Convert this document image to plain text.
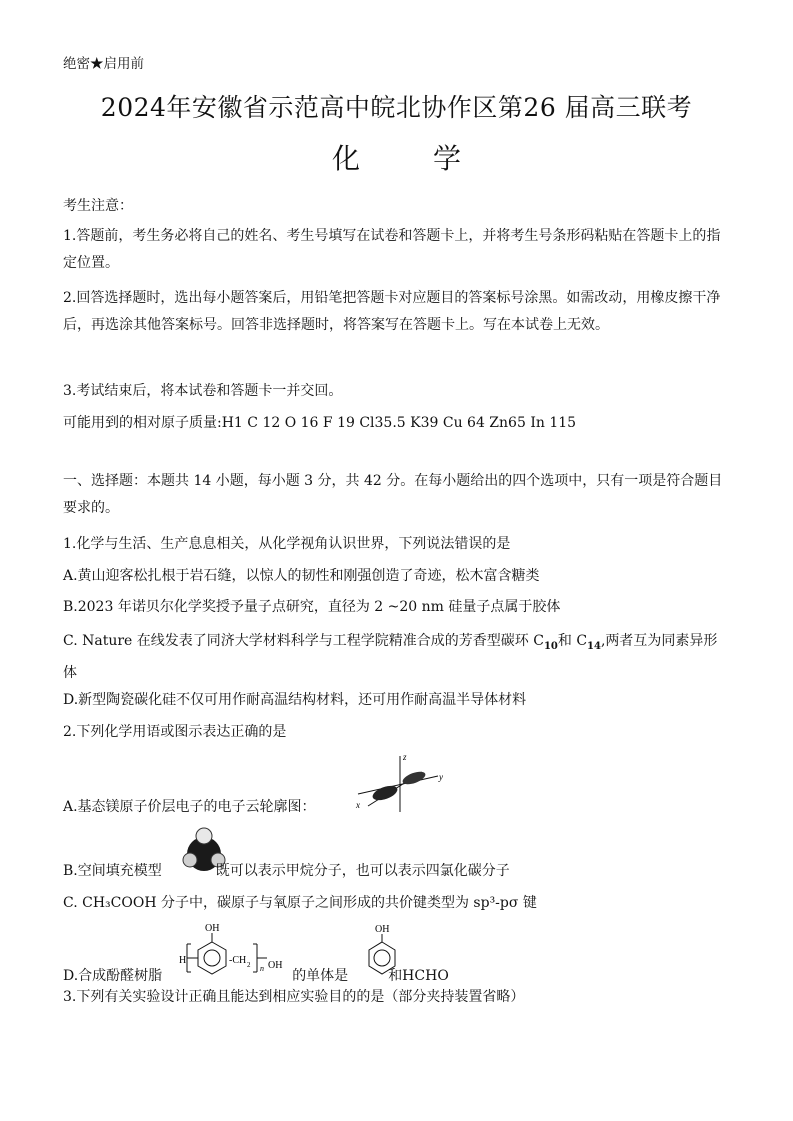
绝密★启用前
2024年安徽省示范高中皖北协作区第26 届高三联考
化 学
考生注意：
1.答题前，考生务必将自己的姓名、考生号填写在试卷和答题卡上，并将考生号条形码粘贴在答题卡上的指定位置。
2.回答选择题时，选出每小题答案后，用铅笔把答题卡对应题目的答案标号涂黑。如需改动，用橡皮擦干净后，再选涂其他答案标号。回答非选择题时，将答案写在答题卡上。写在本试卷上无效。
3.考试结束后，将本试卷和答题卡一并交回。
可能用到的相对原子质量:H1 C 12 O 16 F 19 Cl35.5 K39 Cu 64 Zn65 In 115
一、选择题：本题共 14 小题，每小题 3 分，共 42 分。在每小题给出的四个选项中，只有一项是符合题目要求的。
1.化学与生活、生产息息相关，从化学视角认识世界，下列说法错误的是
A.黄山迎客松扎根于岩石缝，以惊人的韧性和刚强创造了奇迹，松木富含糖类
B.2023 年诺贝尔化学奖授予量子点研究，直径为 2 ~20 nm 硅量子点属于胶体
C. Nature 在线发表了同济大学材料科学与工程学院精准合成的芳香型碳环 $C_{10}$和 $C_{14}$,两者互为同素异形体
D.新型陶瓷碳化硅不仅可用作耐高温结构材料，还可用作耐高温半导体材料
2.下列化学用语或图示表达正确的是
z
y
x
A.基态镁原子价层电子的电子云轮廓图：
B.空间填充模型	既可以表示甲烷分子，也可以表示四氯化碳分子
C. CH₃COOH 分子中，碳原子与氧原子之间形成的共价键类型为 sp³-pσ 键
OH
H	-CH 2 n OH
OH
D.合成酚醛树脂	的单体是	和HCHO
3.下列有关实验设计正确且能达到相应实验目的的是（部分夹持装置省略）
